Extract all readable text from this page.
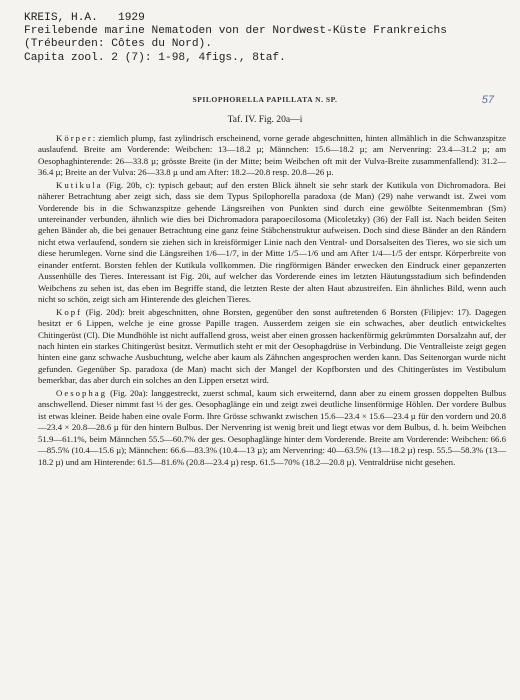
KREIS, H.A.   1929
Freilebende marine Nematoden von der Nordwest-Küste Frankreichs
(Trébeurden: Côtes du Nord).
Capita zool. 2 (7): 1-98, 4figs., 8taf.
57
SPILOPHORELLA PAPILLATA N. SP.
Taf. IV. Fig. 20a—i

Körper: ziemlich plump, fast zylindrisch erscheinend, vorne gerade abgeschnitten, hinten allmählich in die Schwanzspitze auslaufend. Breite am Vorderende: Weibchen: 13—18.2 µ; Männchen: 15.6—18.2 µ; am Nervenring: 23.4—31.2 µ; am Oesophaghinterende: 26—33.8 µ; grösste Breite (in der Mitte; beim Weibchen oft mit der Vulva-Breite zusammenfallend): 31.2—36.4 µ; Breite an der Vulva: 26—33.8 µ und am After: 18.2—20.8 resp. 20.8—26 µ.

Kutikula (Fig. 20b, c): typisch gebaut; auf den ersten Blick ähnelt sie sehr stark der Kutikula von Dichromadora. Bei näherer Betrachtung aber zeigt sich, dass sie dem Typus Spilophorella paradoxa (de Man) (29) nahe verwandt ist. Zwei vom Vorderende bis in die Schwanzspitze gehende Längsreihen von Punkten sind durch eine gewölbte Seitenmembran (Sm) untereinander verbunden, ähnlich wie dies bei Dichromadora parapoecilosoma (Micoletzky) (36) der Fall ist. Nach beiden Seiten gehen Bänder ab, die bei genauer Betrachtung eine ganz feine Stäbchenstruktur aufweisen. Doch sind diese Bänder an den Rändern nicht etwa verlaufend, sondern sie ziehen sich in kreisförmiger Linie nach den Ventral- und Dorsalseiten des Tieres, wo sie sich um diese herumlegen. Vorne sind die Längsreihen 1/6—1/7, in der Mitte 1/5—1/6 und am After 1/4—1/5 der entspr. Körperbreite von einander entfernt. Borsten fehlen der Kutikula vollkommen. Die ringförmigen Bänder erwecken den Eindruck einer gepanzerten Aussenhülle des Tieres. Interessant ist Fig. 20i, auf welcher das Vorderende eines im letzten Häutungsstadium sich befindenden Weibchens zu sehen ist, das eben im Begriffe stand, die letzten Reste der alten Haut abzustreifen. Ein ähnliches Bild, wenn auch nicht so schön, zeigt sich am Hinterende des gleichen Tieres.

Kopf (Fig. 20d): breit abgeschnitten, ohne Borsten, gegenüber den sonst auftretenden 6 Borsten (Filipjev: 17). Dagegen besitzt er 6 Lippen, welche je eine grosse Papille tragen. Ausserdem zeigen sie ein schwaches, aber deutlich entwickeltes Chitingerüst (Cl). Die Mundhöhle ist nicht auffallend gross, weist aber einen grossen hackenförmig gekrümmten Dorsalzahn auf, der nach hinten ein starkes Chitingerüst besitzt. Vermutlich steht er mit der Oesophagdrüse in Verbindung. Die Ventralleiste zeigt gegen hinten eine ganz schwache Ausbuchtung, welche aber kaum als Zähnchen angesprochen werden kann. Das Seitenorgan wurde nicht gefunden. Gegenüber Sp. paradoxa (de Man) macht sich der Mangel der Kopfborsten und des Chitingerüstes im Vestibulum bemerkbar, das aber durch ein solches an den Lippen ersetzt wird.

Oesophag (Fig. 20a): langgestreckt, zuerst schmal, kaum sich erweiternd, dann aber zu einem grossen doppelten Bulbus anschwellend. Dieser nimmt fast ⅓ der ges. Oesophaglänge ein und zeigt zwei deutliche linsenförmige Höhlen. Der vordere Bulbus ist etwas kleiner. Beide haben eine ovale Form. Ihre Grösse schwankt zwischen 15.6—23.4 × 15.6—23.4 µ für den vordern und 20.8—23.4 × 20.8—28.6 µ für den hintern Bulbus. Der Nervenring ist wenig breit und liegt etwas vor dem Bulbus, d. h. beim Weibchen 51.9—61.1%, beim Männchen 55.5—60.7% der ges. Oesophaglänge hinter dem Vorderende. Breite am Vorderende: Weibchen: 66.6—85.5% (10.4—15.6 µ); Männchen: 66.6—83.3% (10.4—13 µ); am Nervenring: 40—63.5% (13—18.2 µ) resp. 55.5—58.3% (13—18.2 µ) und am Hinterende: 61.5—81.6% (20.8—23.4 µ) resp. 61.5—70% (18.2—20.8 µ). Ventraldrüse nicht gesehen.
